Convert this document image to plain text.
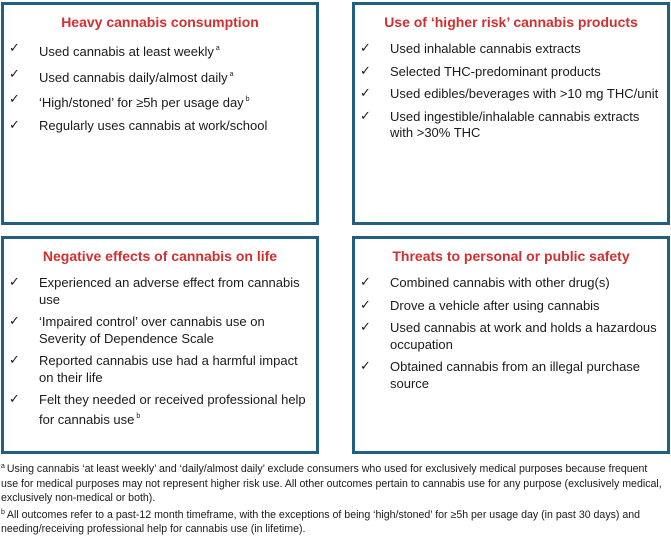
Heavy cannabis consumption
✓ Used cannabis at least weekly $^a$
✓ Used cannabis daily/almost daily $^a$
✓ ‘High/stoned’ for ≥5h per usage day $^b$
✓ Regularly uses cannabis at work/school
Use of ‘higher risk’ cannabis products
✓ Used inhalable cannabis extracts
✓ Selected THC-predominant products
✓ Used edibles/beverages with >10 mg THC/unit
✓ Used ingestible/inhalable cannabis extracts with >30% THC
Negative effects of cannabis on life
✓ Experienced an adverse effect from cannabis use
✓ ‘Impaired control’ over cannabis use on Severity of Dependence Scale
✓ Reported cannabis use had a harmful impact on their life
✓ Felt they needed or received professional help for cannabis use $^b$
Threats to personal or public safety
✓ Combined cannabis with other drug(s)
✓ Drove a vehicle after using cannabis
✓ Used cannabis at work and holds a hazardous occupation
✓ Obtained cannabis from an illegal purchase source

$^a$ Using cannabis ‘at least weekly’ and ‘daily/almost daily’ exclude consumers who used for exclusively medical purposes because frequent use for medical purposes may not represent higher risk use. All other outcomes pertain to cannabis use for any purpose (exclusively medical, exclusively non-medical or both).

$^b$ All outcomes refer to a past-12 month timeframe, with the exceptions of being ‘high/stoned’ for ≥5h per usage day (in past 30 days) and needing/receiving professional help for cannabis use (in lifetime).
